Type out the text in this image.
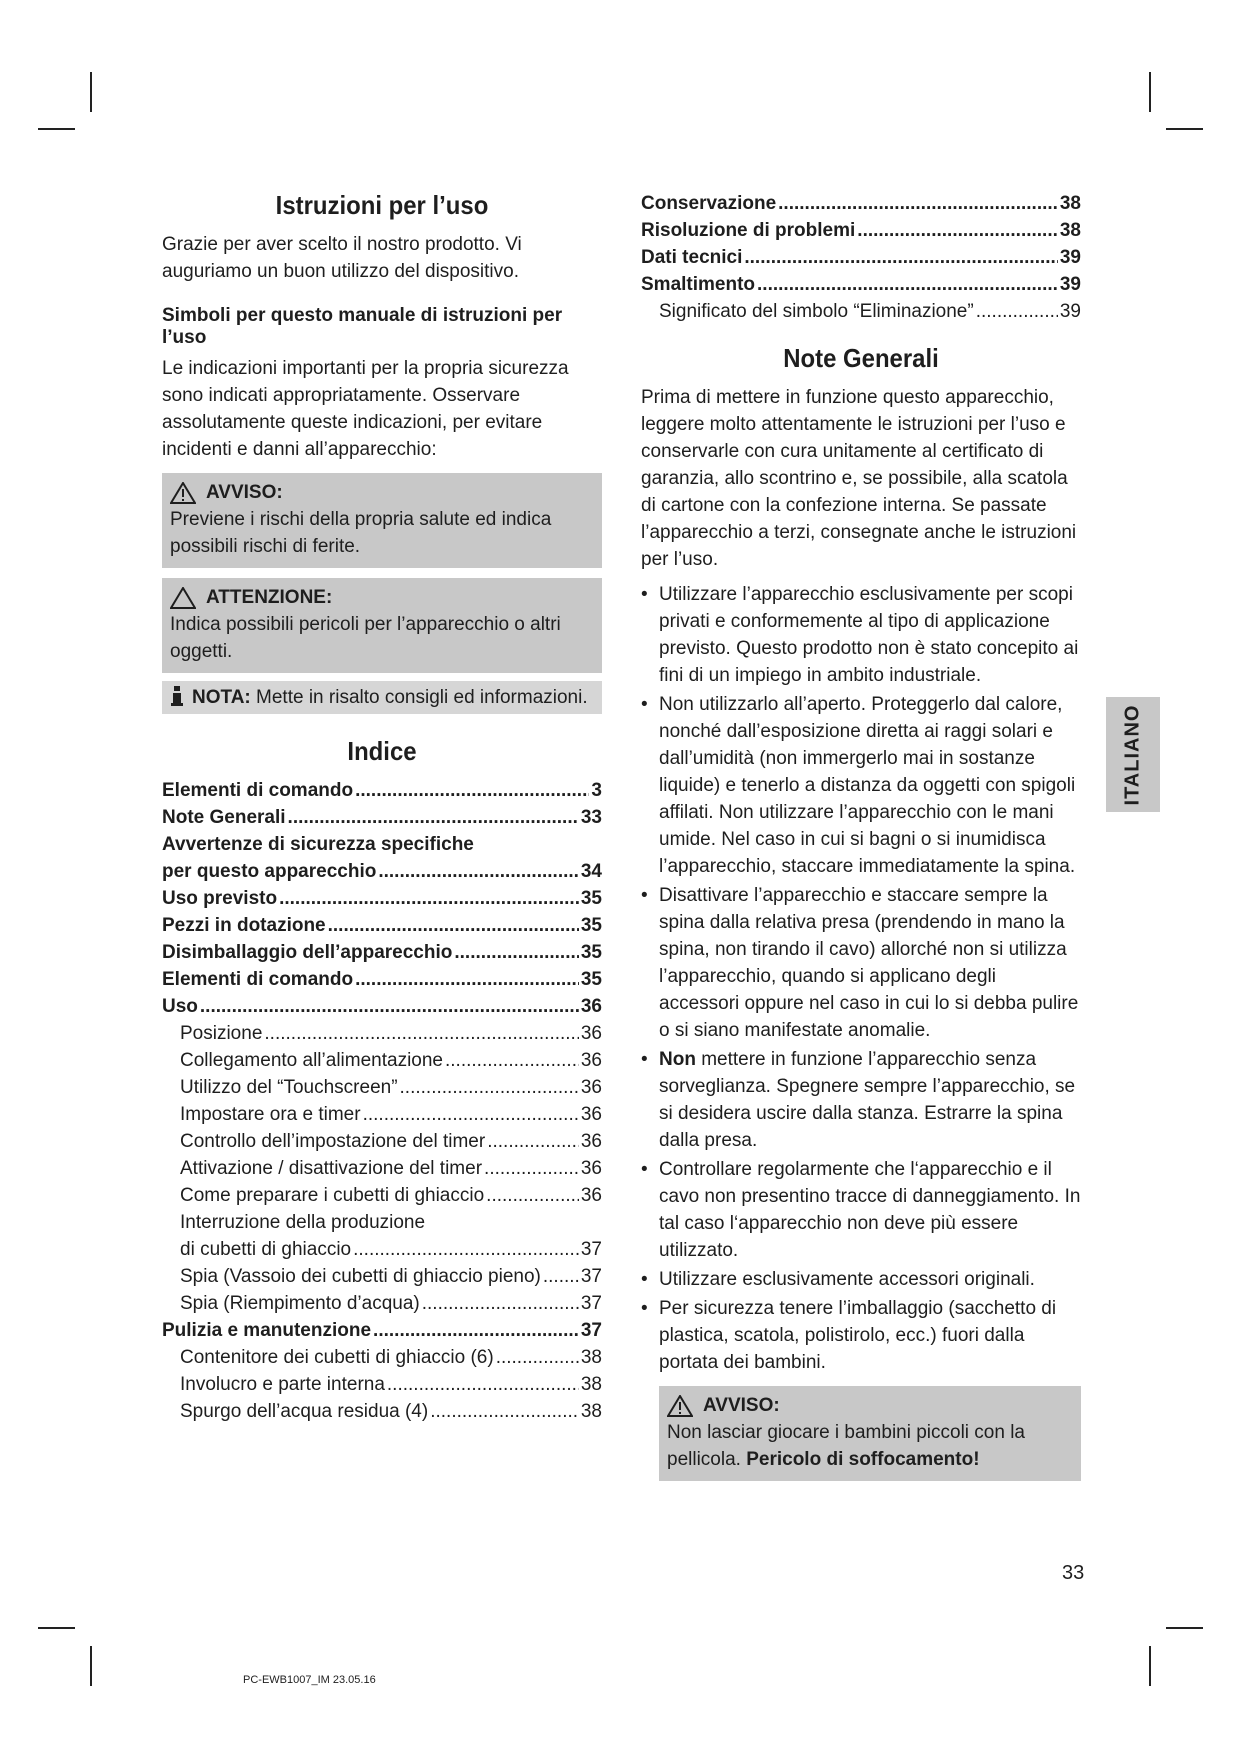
Istruzioni per l’uso

Grazie per aver scelto il nostro prodotto. Vi auguriamo un buon utilizzo del dispositivo.

Simboli per questo manuale di istruzioni per l’uso

Le indicazioni importanti per la propria sicurezza sono indicati appropriatamente. Osservare assolutamente queste indicazioni, per evitare incidenti e danni all’apparecchio:

AVVISO:
Previene i rischi della propria salute ed indica possibili rischi di ferite.
ATTENZIONE:
Indica possibili pericoli per l’apparecchio o altri oggetti.
NOTA: Mette in risalto consigli ed informazioni.
Indice
Elementi di comando .....	3
Note Generali .....	33
Avvertenze di sicurezza specifiche
per questo apparecchio .....	34
Uso previsto .....	35
Pezzi in dotazione .....	35
Disimballaggio dell’apparecchio .....	35
Elementi di comando .....	35
Uso .....	36
Posizione .....	36
Collegamento all’alimentazione .....	36
Utilizzo del “Touchscreen” .....	36
Impostare ora e timer .....	36
Controllo dell’impostazione del timer .....	36
Attivazione / disattivazione del timer .....	36
Come preparare i cubetti di ghiaccio .....	36
Interruzione della produzione
di cubetti di ghiaccio .....	37
Spia (Vassoio dei cubetti di ghiaccio pieno) ..... 37
Spia (Riempimento d’acqua) .....	37
Pulizia e manutenzione .....	37
Contenitore dei cubetti di ghiaccio (6) .....	38
Involucro e parte interna .....	38
Spurgo dell’acqua residua (4) .....	38
Conservazione .....	38
Risoluzione di problemi .....	38
Dati tecnici .....	39
Smaltimento .....	39
Significato del simbolo “Eliminazione” .....	39
Note Generali

Prima di mettere in funzione questo apparecchio, leggere molto attentamente le istruzioni per l’uso e conservarle con cura unitamente al certificato di garanzia, allo scontrino e, se possibile, alla scatola di cartone con la confezione interna. Se passate l’apparecchio a terzi, consegnate anche le istruzioni per l’uso.

• Utilizzare l’apparecchio esclusivamente per scopi privati e conformemente al tipo di applicazione previsto. Questo prodotto non è stato concepito ai fini di un impiego in ambito industriale.
• Non utilizzarlo all’aperto. Proteggerlo dal calore, nonché dall’esposizione diretta ai raggi solari e dall’umidità (non immergerlo mai in sostanze liquide) e tenerlo a distanza da oggetti con spigoli affilati. Non utilizzare l’apparecchio con le mani umide. Nel caso in cui si bagni o si inumidisca l’apparecchio, staccare immediatamente la spina.
• Disattivare l’apparecchio e staccare sempre la spina dalla relativa presa (prendendo in mano la spina, non tirando il cavo) allorché non si utilizza l’apparecchio, quando si applicano degli accessori oppure nel caso in cui lo si debba pulire o si siano manifestate anomalie.
• Non mettere in funzione l’apparecchio senza sorveglianza. Spegnere sempre l’apparecchio, se si desidera uscire dalla stanza. Estrarre la spina dalla presa.
• Controllare regolarmente che l‘apparecchio e il cavo non presentino tracce di danneggiamento. In tal caso l‘apparecchio non deve più essere utilizzato.
• Utilizzare esclusivamente accessori originali.
• Per sicurezza tenere l’imballaggio (sacchetto di plastica, scatola, polistirolo, ecc.) fuori dalla portata dei bambini.
AVVISO:
Non lasciar giocare i bambini piccoli con la pellicola. Pericolo di soffocamento!
ITALIANO
33
PC-EWB1007_IM 23.05.16
